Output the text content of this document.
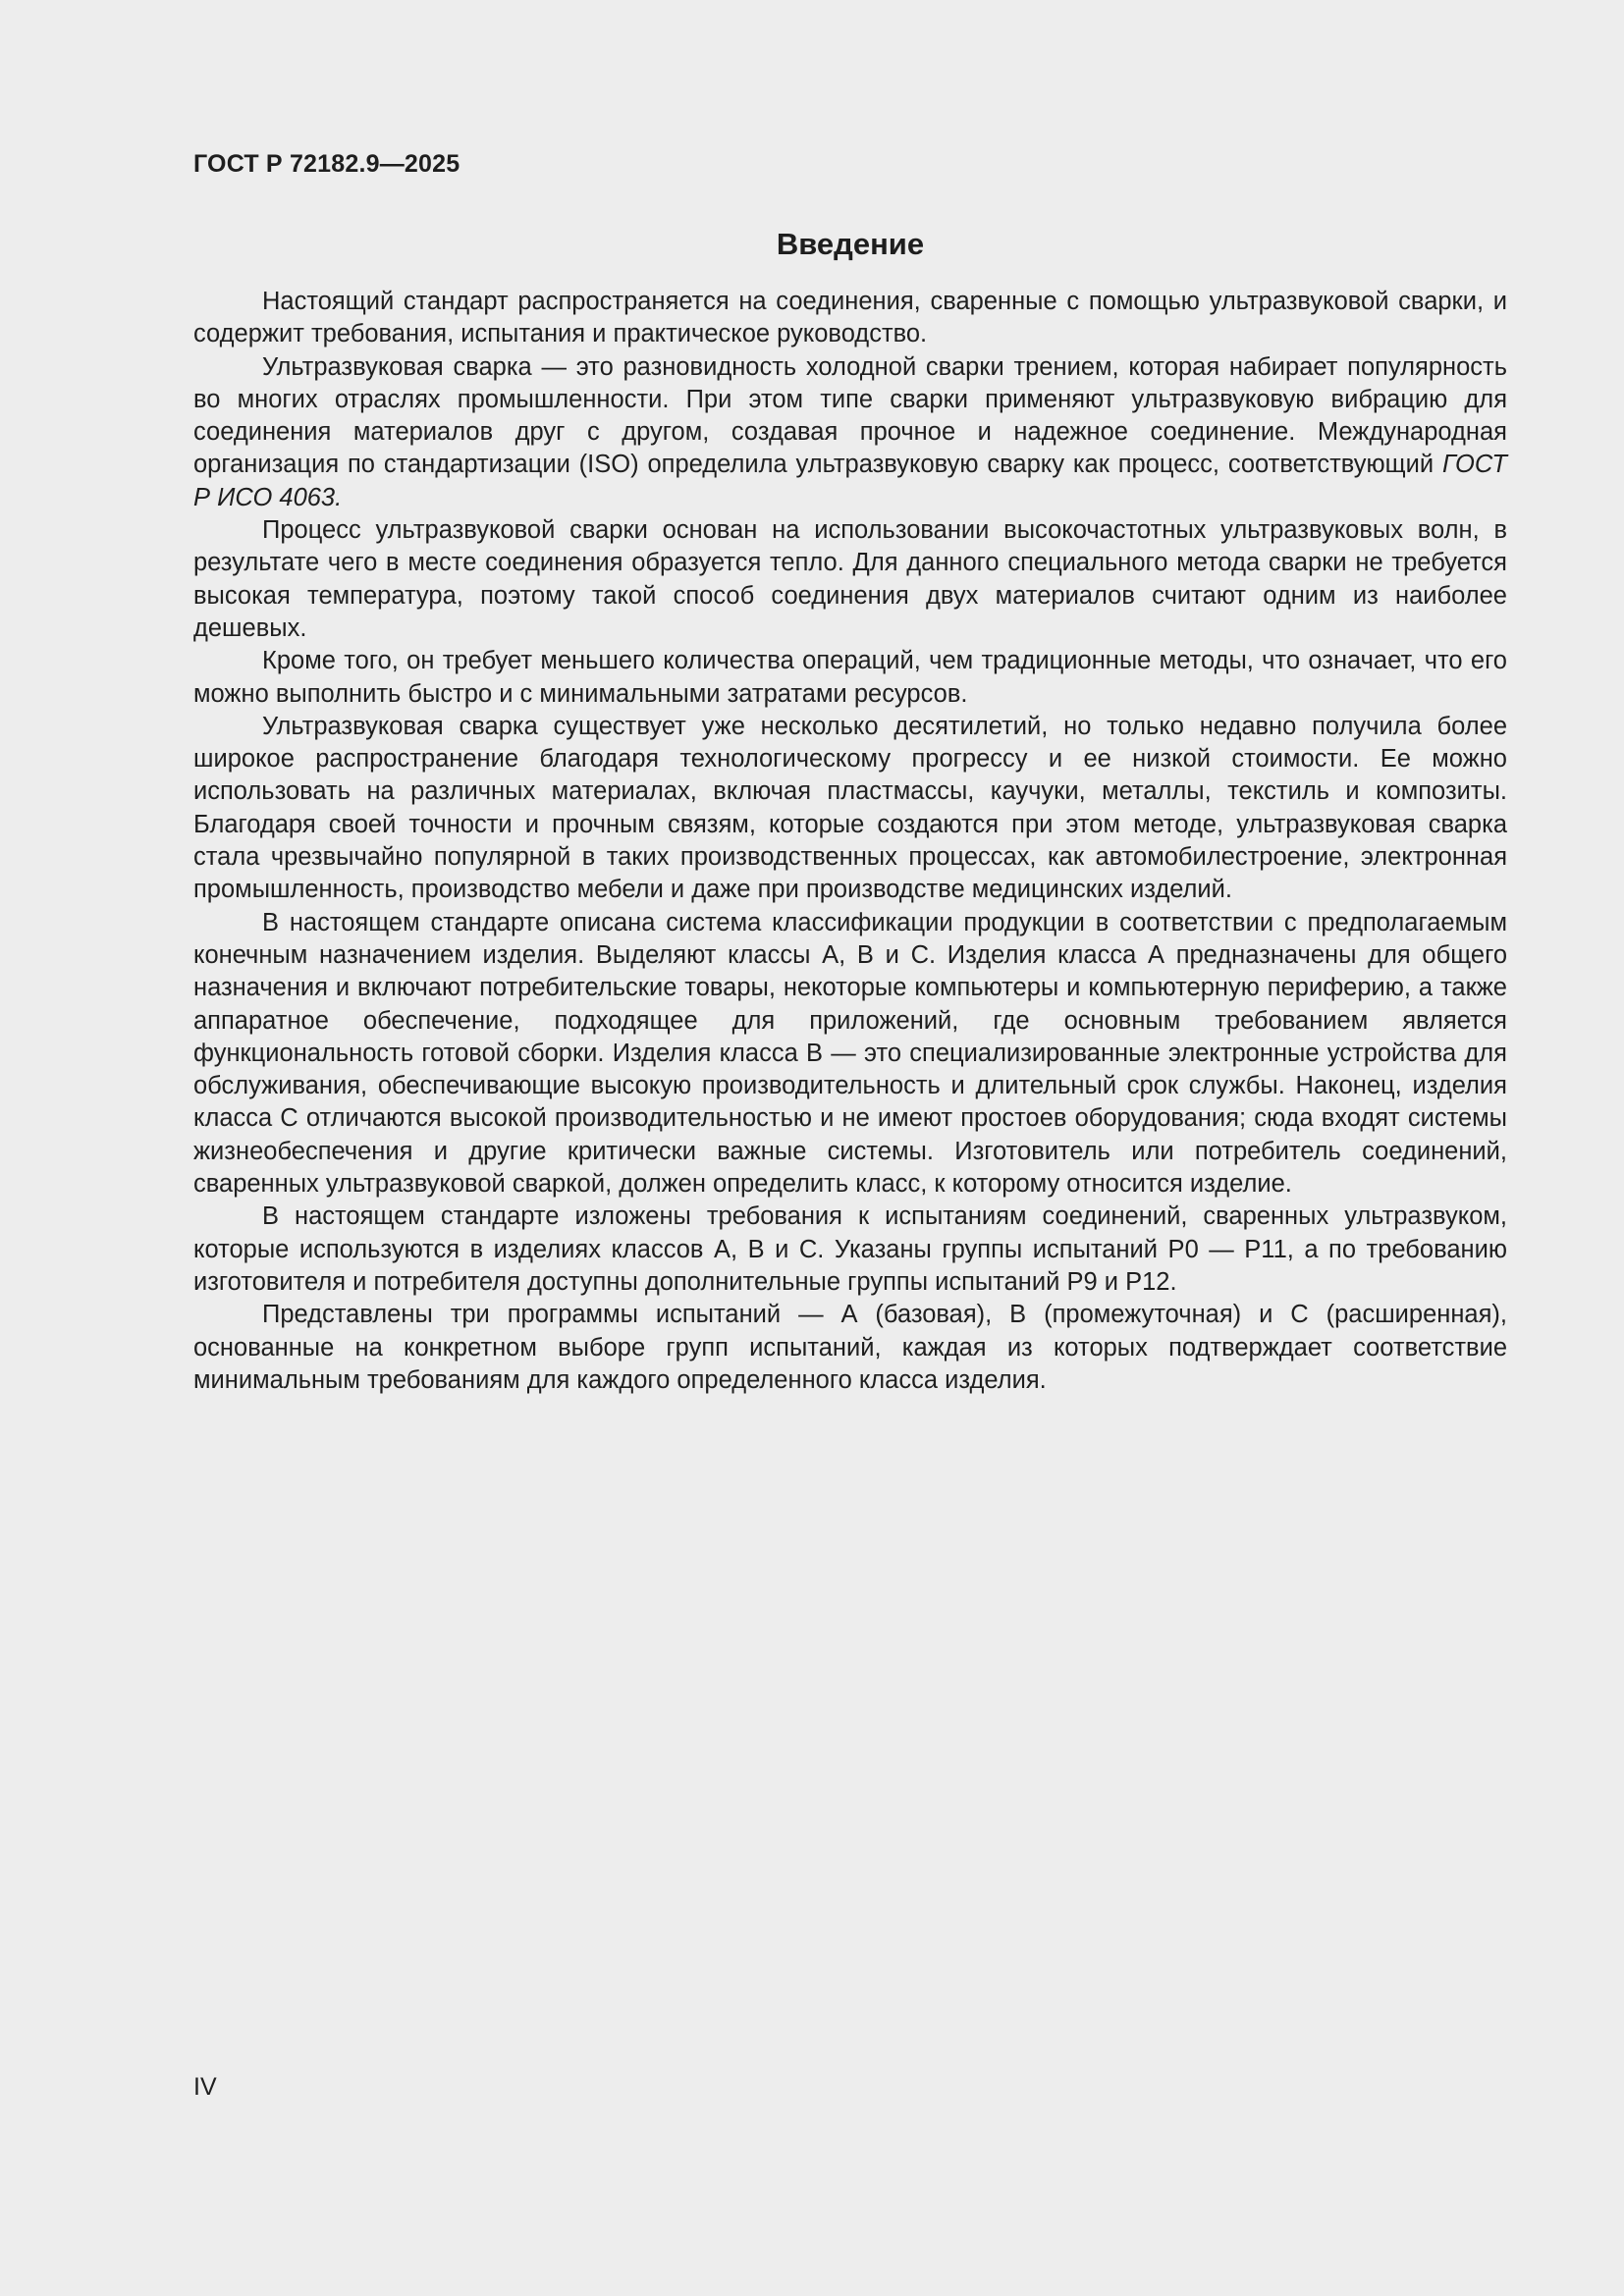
ГОСТ Р 72182.9—2025
Введение

Настоящий стандарт распространяется на соединения, сваренные с помощью ультразвуковой сварки, и содержит требования, испытания и практическое руководство.

Ультразвуковая сварка — это разновидность холодной сварки трением, которая набирает популярность во многих отраслях промышленности. При этом типе сварки применяют ультразвуковую вибрацию для соединения материалов друг с другом, создавая прочное и надежное соединение. Международная организация по стандартизации (ISO) определила ультразвуковую сварку как процесс, соответствующий ГОСТ Р ИСО 4063.

Процесс ультразвуковой сварки основан на использовании высокочастотных ультразвуковых волн, в результате чего в месте соединения образуется тепло. Для данного специального метода сварки не требуется высокая температура, поэтому такой способ соединения двух материалов считают одним из наиболее дешевых.

Кроме того, он требует меньшего количества операций, чем традиционные методы, что означает, что его можно выполнить быстро и с минимальными затратами ресурсов.

Ультразвуковая сварка существует уже несколько десятилетий, но только недавно получила более широкое распространение благодаря технологическому прогрессу и ее низкой стоимости. Ее можно использовать на различных материалах, включая пластмассы, каучуки, металлы, текстиль и композиты. Благодаря своей точности и прочным связям, которые создаются при этом методе, ультразвуковая сварка стала чрезвычайно популярной в таких производственных процессах, как автомобилестроение, электронная промышленность, производство мебели и даже при производстве медицинских изделий.

В настоящем стандарте описана система классификации продукции в соответствии с предполагаемым конечным назначением изделия. Выделяют классы А, В и С. Изделия класса А предназначены для общего назначения и включают потребительские товары, некоторые компьютеры и компьютерную периферию, а также аппаратное обеспечение, подходящее для приложений, где основным требованием является функциональность готовой сборки. Изделия класса В — это специализированные электронные устройства для обслуживания, обеспечивающие высокую производительность и длительный срок службы. Наконец, изделия класса С отличаются высокой производительностью и не имеют простоев оборудования; сюда входят системы жизнеобеспечения и другие критически важные системы. Изготовитель или потребитель соединений, сваренных ультразвуковой сваркой, должен определить класс, к которому относится изделие.

В настоящем стандарте изложены требования к испытаниям соединений, сваренных ультразвуком, которые используются в изделиях классов А, В и С. Указаны группы испытаний Р0 — Р11, а по требованию изготовителя и потребителя доступны дополнительные группы испытаний Р9 и Р12.

Представлены три программы испытаний — А (базовая), В (промежуточная) и С (расширенная), основанные на конкретном выборе групп испытаний, каждая из которых подтверждает соответствие минимальным требованиям для каждого определенного класса изделия.

IV
